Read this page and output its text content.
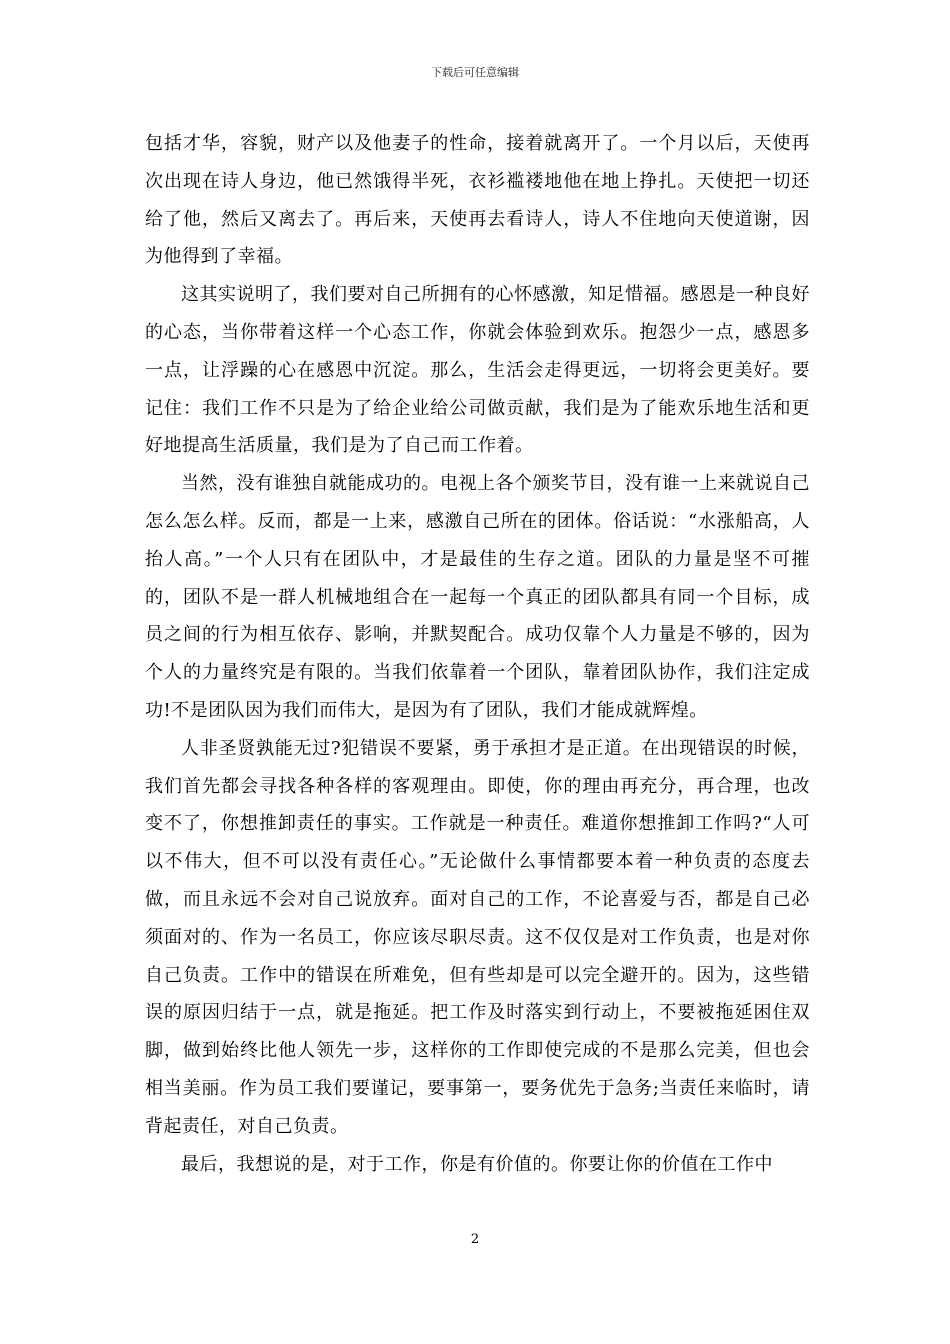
下载后可任意编辑

包括才华，容貌，财产以及他妻子的性命，接着就离开了。一个月以后，天使再次出现在诗人身边，他已然饿得半死，衣衫褴褛地他在地上挣扎。天使把一切还给了他，然后又离去了。再后来，天使再去看诗人，诗人不住地向天使道谢，因为他得到了幸福。

这其实说明了，我们要对自己所拥有的心怀感激，知足惜福。感恩是一种良好的心态，当你带着这样一个心态工作，你就会体验到欢乐。抱怨少一点，感恩多一点，让浮躁的心在感恩中沉淀。那么，生活会走得更远，一切将会更美好。要记住：我们工作不只是为了给企业给公司做贡献，我们是为了能欢乐地生活和更好地提高生活质量，我们是为了自己而工作着。

当然，没有谁独自就能成功的。电视上各个颁奖节目，没有谁一上来就说自己怎么怎么样。反而，都是一上来，感激自己所在的团体。俗话说：“水涨船高，人抬人高。”一个人只有在团队中，才是最佳的生存之道。团队的力量是坚不可摧的，团队不是一群人机械地组合在一起每一个真正的团队都具有同一个目标，成员之间的行为相互依存、影响，并默契配合。成功仅靠个人力量是不够的，因为个人的力量终究是有限的。当我们依靠着一个团队，靠着团队协作，我们注定成功!不是团队因为我们而伟大，是因为有了团队，我们才能成就辉煌。

人非圣贤孰能无过?犯错误不要紧，勇于承担才是正道。在出现错误的时候，我们首先都会寻找各种各样的客观理由。即使，你的理由再充分，再合理，也改变不了，你想推卸责任的事实。工作就是一种责任。难道你想推卸工作吗?“人可以不伟大，但不可以没有责任心。”无论做什么事情都要本着一种负责的态度去做，而且永远不会对自己说放弃。面对自己的工作，不论喜爱与否，都是自己必须面对的、作为一名员工，你应该尽职尽责。这不仅仅是对工作负责，也是对你自己负责。工作中的错误在所难免，但有些却是可以完全避开的。因为，这些错误的原因归结于一点，就是拖延。把工作及时落实到行动上，不要被拖延困住双脚，做到始终比他人领先一步，这样你的工作即使完成的不是那么完美，但也会相当美丽。作为员工我们要谨记，要事第一，要务优先于急务;当责任来临时，请背起责任，对自己负责。

最后，我想说的是，对于工作，你是有价值的。你要让你的价值在工作中

2
